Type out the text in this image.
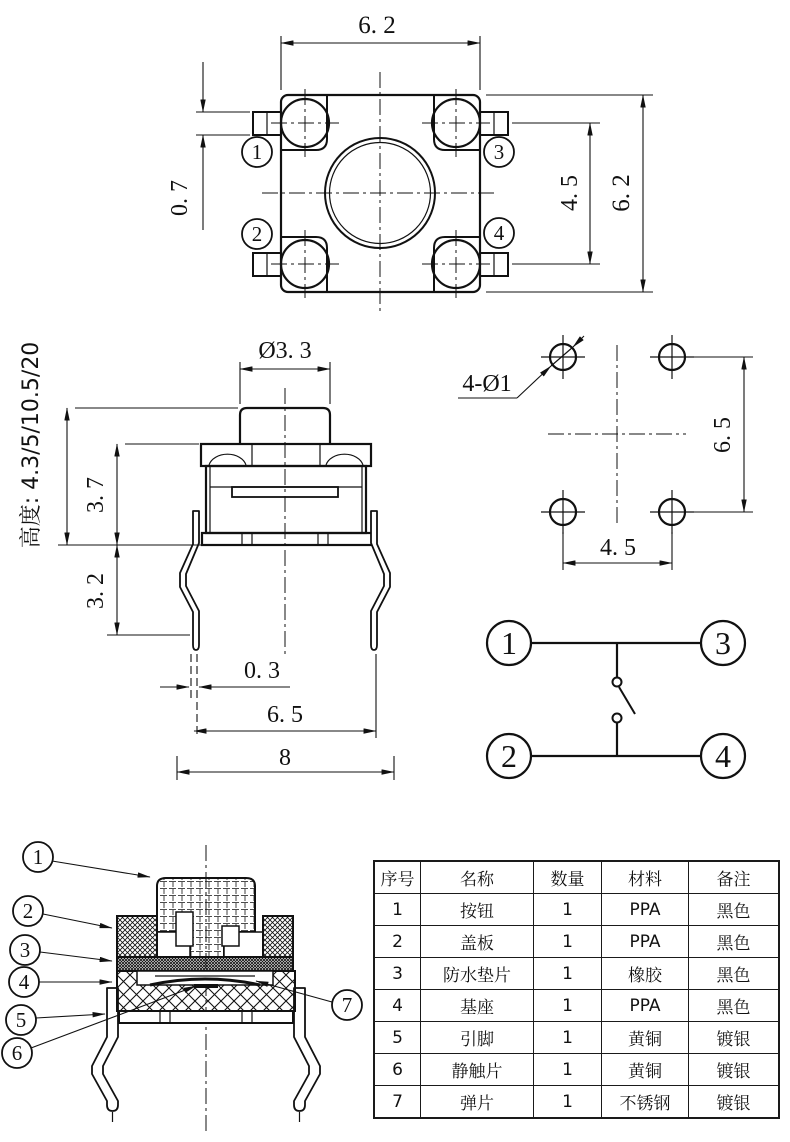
1
2
3
4
6. 2
0. 7	4. 5 6. 2
Ø3. 3
高度: 4.3/5/10.5/20 3. 7
3. 2
0. 3
6. 5
8
4-Ø1
6. 5
4. 5
1	3
2	4
1
2
3
4
5
6
7
序号	名称	数量	材料	备注
1	按钮	1	PPA	黑色
2	盖板	1	PPA	黑色
3	防水垫片	1	橡胶	黑色
4	基座	1	PPA	黑色
5	引脚	1	黄铜	镀银
6	静触片	1	黄铜	镀银
7	弹片	1	不锈钢	镀银
